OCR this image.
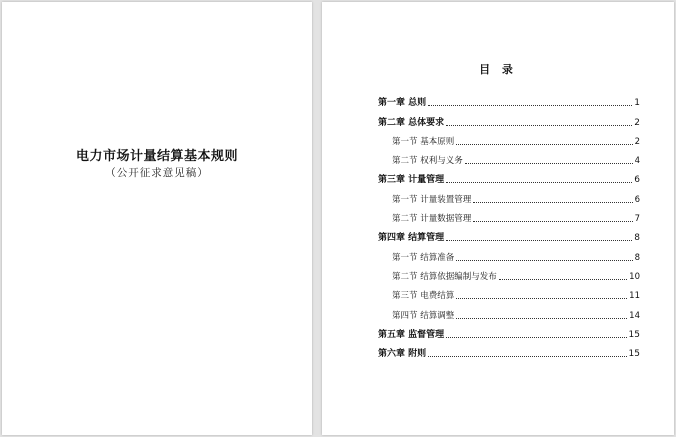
电力市场计量结算基本规则
（公开征求意见稿）
目 录
第一章 总则	1
第二章 总体要求	2
第一节 基本原则	2
第二节 权利与义务	4
第三章 计量管理	6
第一节 计量装置管理	6
第二节 计量数据管理	7
第四章 结算管理	8
第一节 结算准备	8
第二节 结算依据编制与发布	10
第三节 电费结算	11
第四节 结算调整	14
第五章 监督管理	15
第六章 附则	15
